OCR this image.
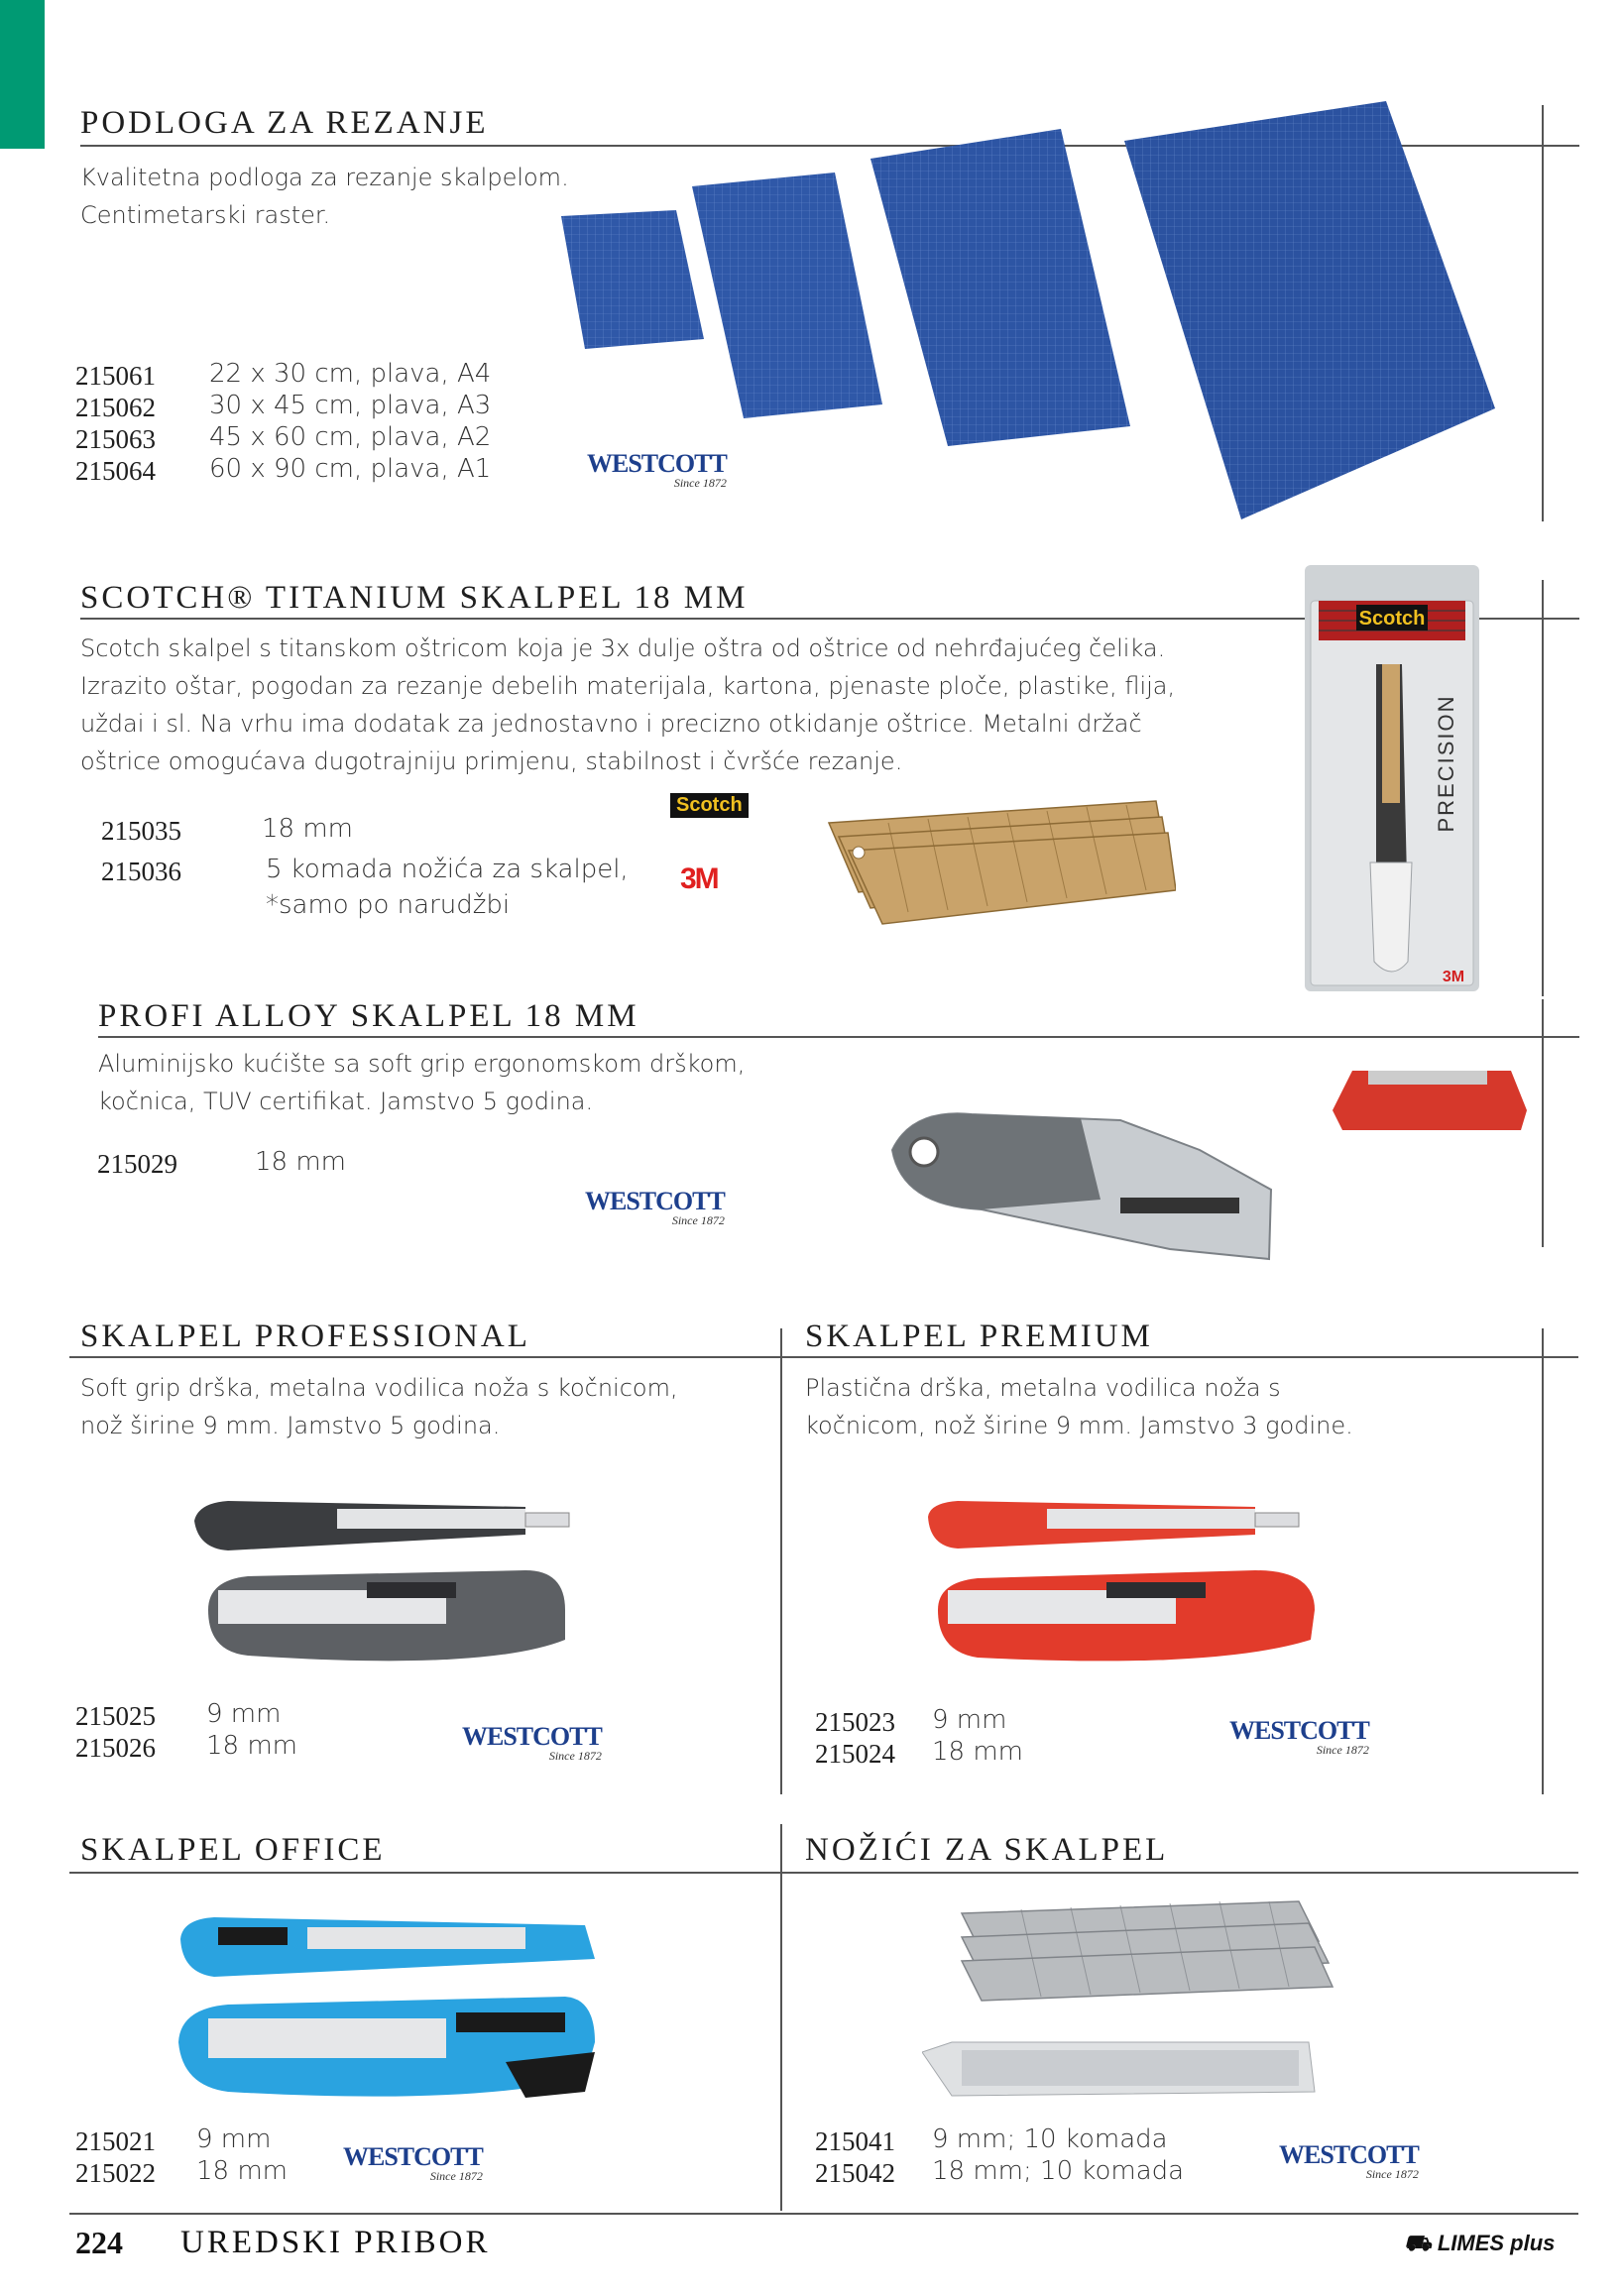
PODLOGA ZA REZANJE
Kvalitetna podloga za rezanje skalpelom.
Centimetarski raster.
215061 22 x 30 cm, plava, A4
215062 30 x 45 cm, plava, A3
215063 45 x 60 cm, plava, A2
215064 60 x 90 cm, plava, A1	WESTCOTT
Since 1872
SCOTCH® TITANIUM SKALPEL 18 MM
Scotch skalpel s titanskom oštricom koja je 3x dulje oštra od oštrice od nehrđajućeg čelika.
Izrazito oštar, pogodan za rezanje debelih materijala, kartona, pjenaste ploče, plastike, flija,
uždai i sl. Na vrhu ima dodatak za jednostavno i precizno otkidanje oštrice. Metalni držač
oštrice omogućava dugotrajniju primjenu, stabilnost i čvršće rezanje.
215035	18 mm
215036	5 komada nožića za skalpel,
*samo po narudžbi
Scotch
3M
Scotch
PRECISION
3M
PROFI ALLOY SKALPEL 18 MM
Aluminijsko kućište sa soft grip ergonomskom drškom,
kočnica, TUV certifikat. Jamstvo 5 godina.
215029	18 mm
WESTCOTT
Since 1872
SKALPEL PROFESSIONAL
Soft grip drška, metalna vodilica noža s kočnicom,
nož širine 9 mm. Jamstvo 5 godina.
215025 9 mm
215026 18 mm	WESTCOTT
Since 1872
SKALPEL PREMIUM
Plastična drška, metalna vodilica noža s
kočnicom, nož širine 9 mm. Jamstvo 3 godine.
215023 9 mm
215024 18 mm
WESTCOTT
Since 1872
SKALPEL OFFICE
215021 9 mm
215022 18 mm WESTCOTT
Since 1872
NOŽIĆI ZA SKALPEL
215041 9 mm; 10 komada
215042 18 mm; 10 komada
WESTCOTT
Since 1872
224 UREDSKI PRIBOR	⛟ LIMES plus
